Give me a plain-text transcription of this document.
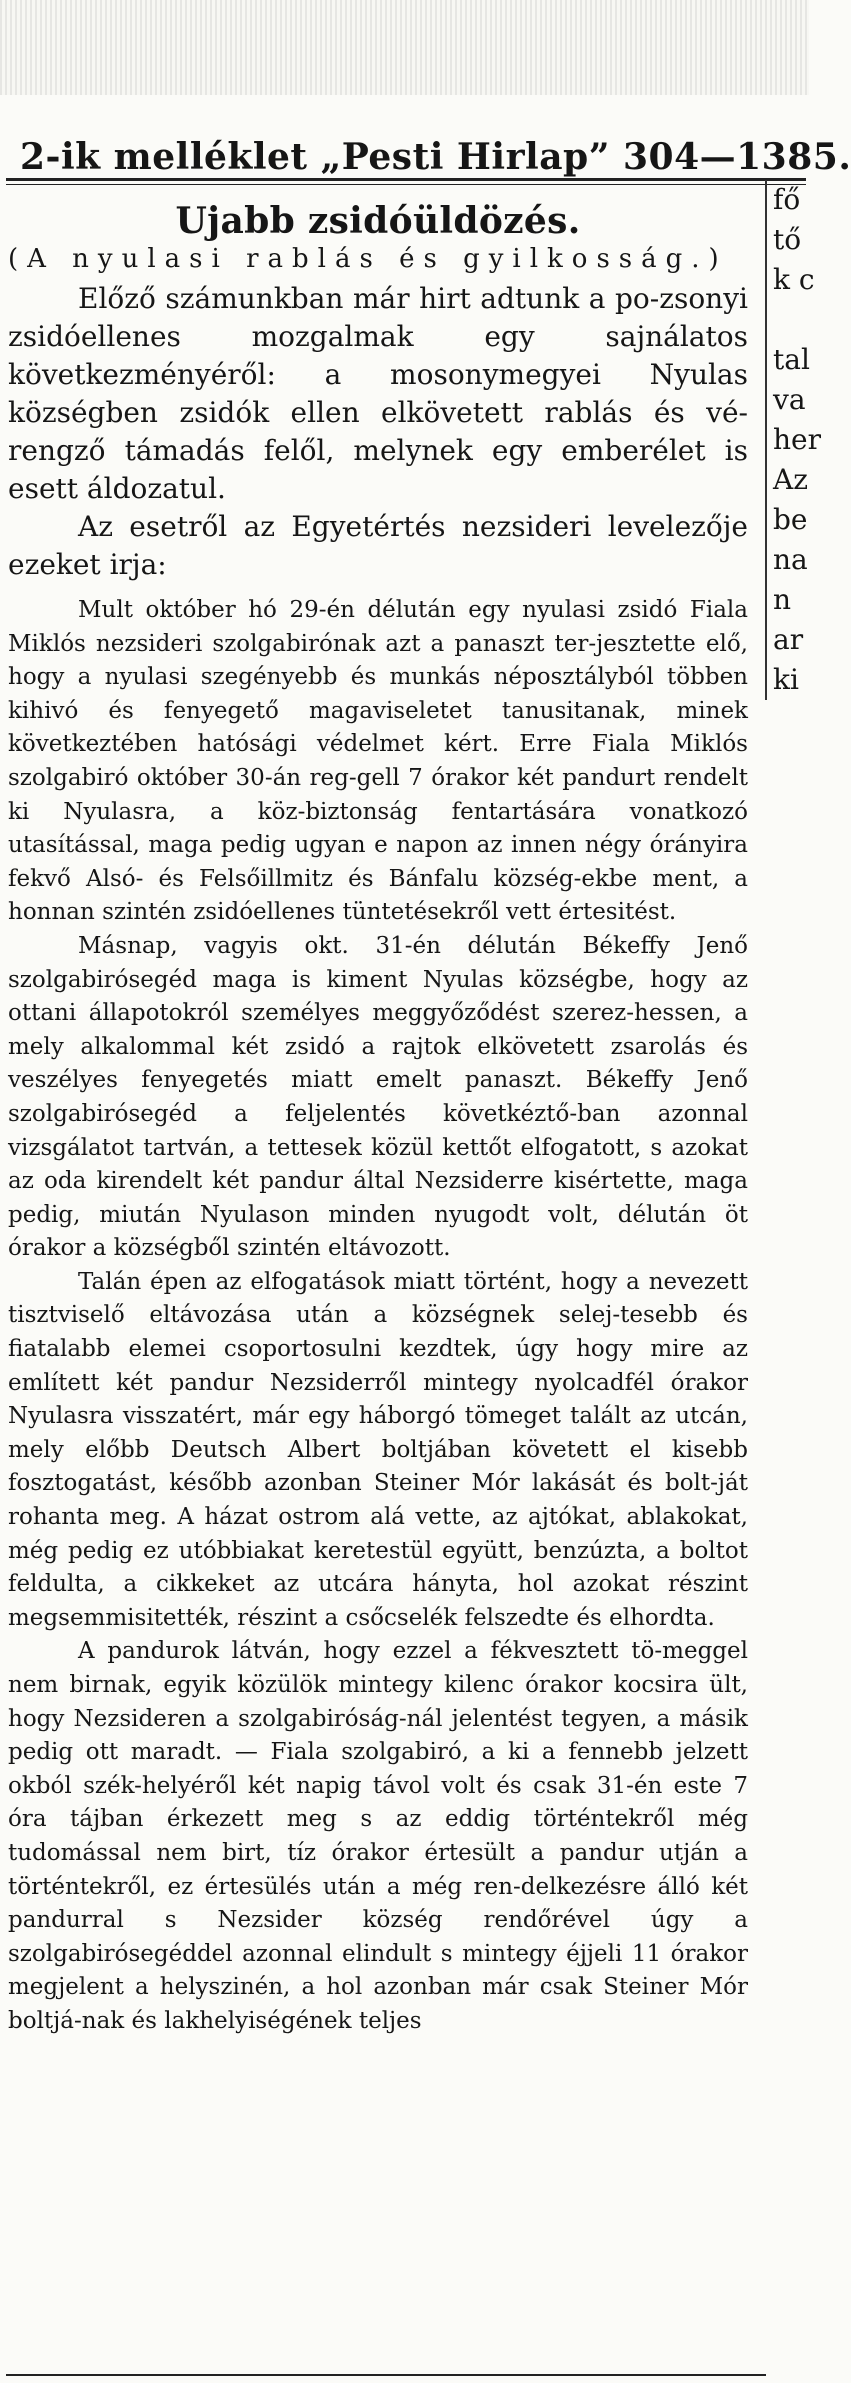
2-ik melléklet „Pesti Hirlap” 304—1385.
Ujabb zsidóüldözés.
(A nyulasi rablás és gyilkosság.)

Előző számunkban már hirt adtunk a po-zsonyi zsidóellenes mozgalmak egy sajnálatos következményéről: a mosonymegyei Nyulas községben zsidók ellen elkövetett rablás és vé-rengző támadás felől, melynek egy emberélet is esett áldozatul.

Az esetről az Egyetértés nezsideri levelezője ezeket irja:

Mult október hó 29-én délután egy nyulasi zsidó Fiala Miklós nezsideri szolgabirónak azt a panaszt ter-jesztette elő, hogy a nyulasi szegényebb és munkás néposztályból többen kihivó és fenyegető magaviseletet tanusitanak, minek következtében hatósági védelmet kért. Erre Fiala Miklós szolgabiró október 30-án reg-gell 7 órakor két pandurt rendelt ki Nyulasra, a köz-biztonság fentartására vonatkozó utasítással, maga pedig ugyan e napon az innen négy órányira fekvő Alsó- és Felsőillmitz és Bánfalu község-ekbe ment, a honnan szintén zsidóellenes tüntetésekről vett értesitést.

Másnap, vagyis okt. 31-én délután Békeffy Jenő szolgabirósegéd maga is kiment Nyulas községbe, hogy az ottani állapotokról személyes meggyőződést szerez-hessen, a mely alkalommal két zsidó a rajtok elkövetett zsarolás és veszélyes fenyegetés miatt emelt panaszt. Békeffy Jenő szolgabirósegéd a feljelentés követkéztő-ban azonnal vizsgálatot tartván, a tettesek közül kettőt elfogatott, s azokat az oda kirendelt két pandur által Nezsiderre kisértette, maga pedig, miután Nyulason minden nyugodt volt, délután öt órakor a községből szintén eltávozott.

Talán épen az elfogatások miatt történt, hogy a nevezett tisztviselő eltávozása után a községnek selej-tesebb és fiatalabb elemei csoportosulni kezdtek, úgy hogy mire az említett két pandur Nezsiderről mintegy nyolcadfél órakor Nyulasra visszatért, már egy háborgó tömeget talált az utcán, mely előbb Deutsch Albert boltjában követett el kisebb fosztogatást, később azonban Steiner Mór lakását és bolt-ját rohanta meg. A házat ostrom alá vette, az ajtókat, ablakokat, még pedig ez utóbbiakat keretestül együtt, benzúzta, a boltot feldulta, a cikkeket az utcára hányta, hol azokat részint megsemmisitették, részint a csőcselék felszedte és elhordta.

A pandurok látván, hogy ezzel a fékvesztett tö-meggel nem birnak, egyik közülök mintegy kilenc órakor kocsira ült, hogy Nezsideren a szolgabiróság-nál jelentést tegyen, a másik pedig ott maradt. — Fiala szolgabiró, a ki a fennebb jelzett okból szék-helyéről két napig távol volt és csak 31-én este 7 óra tájban érkezett meg s az eddig történtekről még tudomással nem birt, tíz órakor értesült a pandur utján a történtekről, ez értesülés után a még ren-delkezésre álló két pandurral s Nezsider község rendőrével úgy a szolgabirósegéddel azonnal elindult s mintegy éjjeli 11 órakor megjelent a helyszinén, a hol azonban már csak Steiner Mór boltjá-nak és lakhelyiségének teljes

fő
tő
k c
tal
va
her
Az
be
na
n
ar
ki
